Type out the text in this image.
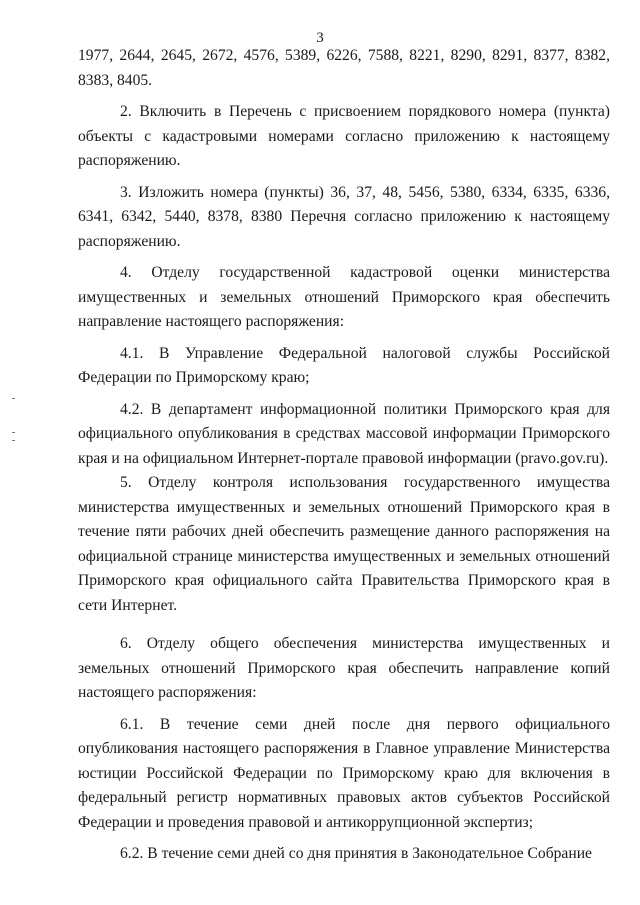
3

1977, 2644, 2645, 2672, 4576, 5389, 6226, 7588, 8221, 8290, 8291, 8377, 8382, 8383, 8405.

2. Включить в Перечень с присвоением порядкового номера (пункта) объекты с кадастровыми номерами согласно приложению к настоящему распоряжению.

3. Изложить номера (пункты) 36, 37, 48, 5456, 5380, 6334, 6335, 6336, 6341, 6342, 5440, 8378, 8380 Перечня согласно приложению к настоящему распоряжению.

4. Отделу государственной кадастровой оценки министерства имущественных и земельных отношений Приморского края обеспечить направление настоящего распоряжения:

4.1. В Управление Федеральной налоговой службы Российской Федерации по Приморскому краю;

4.2. В департамент информационной политики Приморского края для официального опубликования в средствах массовой информации Приморского края и на официальном Интернет-портале правовой информации (pravo.gov.ru).

5. Отделу контроля использования государственного имущества министерства имущественных и земельных отношений Приморского края в течение пяти рабочих дней обеспечить размещение данного распоряжения на официальной странице министерства имущественных и земельных отношений Приморского края официального сайта Правительства Приморского края в сети Интернет.

6. Отделу общего обеспечения министерства имущественных и земельных отношений Приморского края обеспечить направление копий настоящего распоряжения:

6.1. В течение семи дней после дня первого официального опубликования настоящего распоряжения в Главное управление Министерства юстиции Российской Федерации по Приморскому краю для включения в федеральный регистр нормативных правовых актов субъектов Российской Федерации и проведения правовой и антикоррупционной экспертиз;

6.2. В течение семи дней со дня принятия в Законодательное Собрание
